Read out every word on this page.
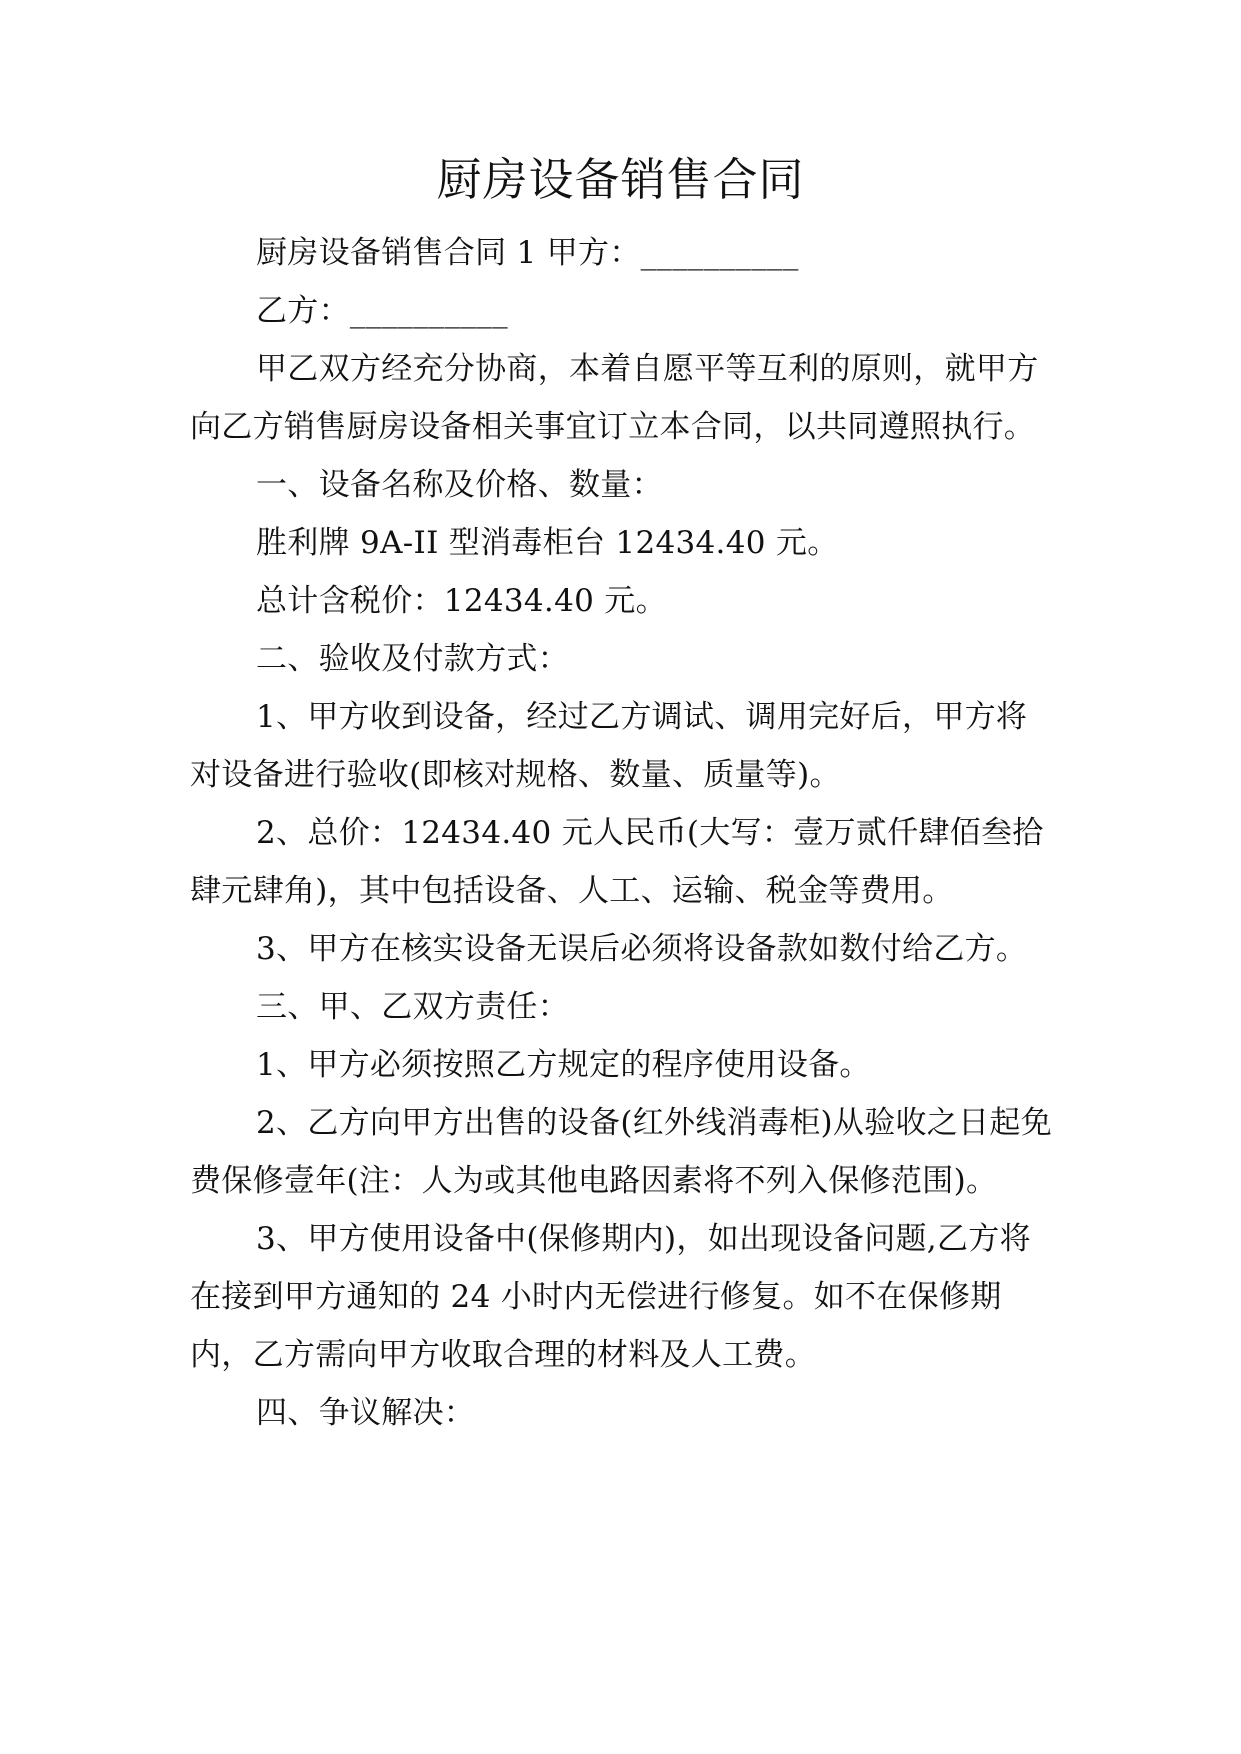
厨房设备销售合同

厨房设备销售合同 1 甲方：__________

乙方：__________

甲乙双方经充分协商，本着自愿平等互利的原则，就甲方向乙方销售厨房设备相关事宜订立本合同，以共同遵照执行。

一、设备名称及价格、数量：

胜利牌 9A-II 型消毒柜台 12434.40 元。

总计含税价：12434.40 元。

二、验收及付款方式：

1、甲方收到设备，经过乙方调试、调用完好后，甲方将对设备进行验收(即核对规格、数量、质量等)。

2、总价：12434.40 元人民币(大写：壹万贰仟肆佰叁拾肆元肆角)，其中包括设备、人工、运输、税金等费用。

3、甲方在核实设备无误后必须将设备款如数付给乙方。

三、甲、乙双方责任：

1、甲方必须按照乙方规定的程序使用设备。

2、乙方向甲方出售的设备(红外线消毒柜)从验收之日起免费保修壹年(注：人为或其他电路因素将不列入保修范围)。

3、甲方使用设备中(保修期内)，如出现设备问题,乙方将在接到甲方通知的 24 小时内无偿进行修复。如不在保修期内，乙方需向甲方收取合理的材料及人工费。

四、争议解决：
